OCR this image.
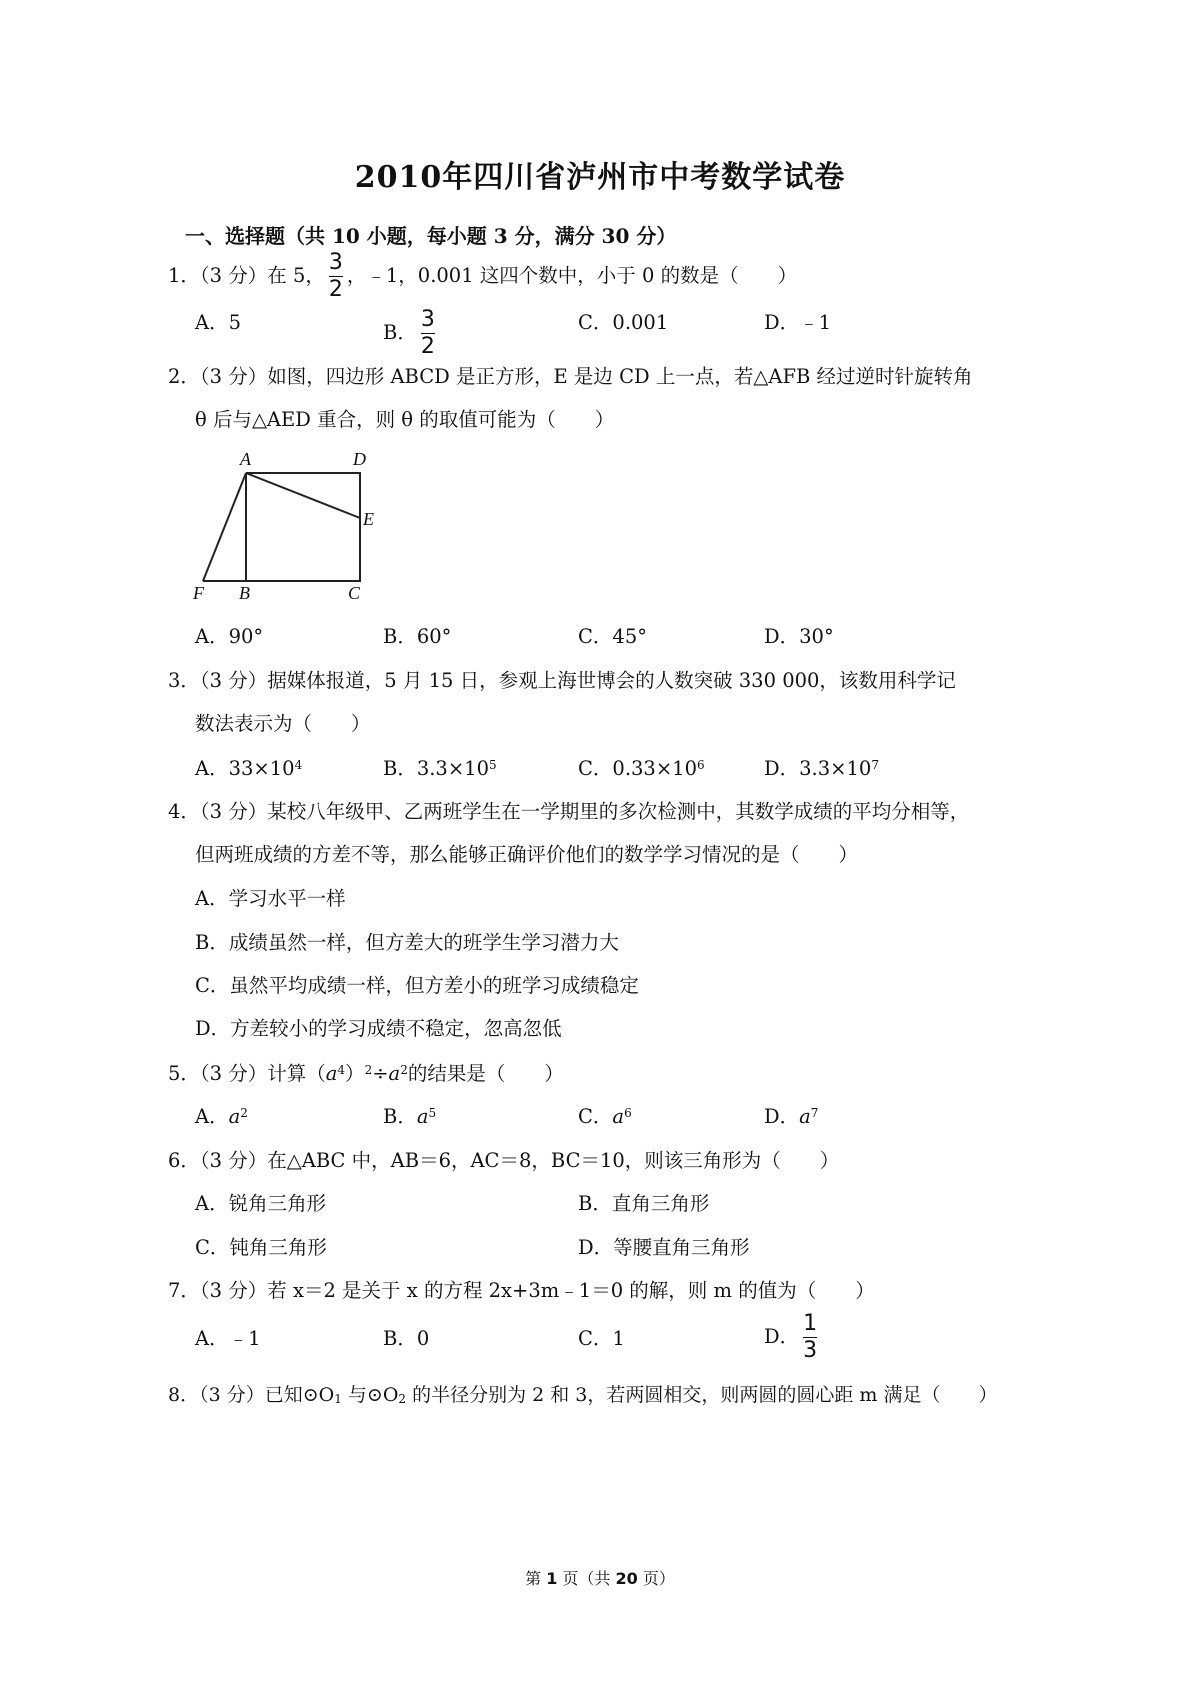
2010年四川省泸州市中考数学试卷
一、选择题（共 10 小题，每小题 3 分，满分 30 分）
1．（3 分）在 5， $\frac{3}{2}$ ，﹣1，0.001 这四个数中，小于 0 的数是（　　）
A．5	B． $\frac{3}{2}$	C．0.001	D．﹣1
2．（3 分）如图，四边形 ABCD 是正方形，E 是边 CD 上一点，若△AFB 经过逆时针旋转角
θ 后与△AED 重合，则 θ 的取值可能为（　　）
A	D
E
F B	C
A．90°	B．60°	C．45°	D．30°
3．（3 分）据媒体报道，5 月 15 日，参观上海世博会的人数突破 330 000，该数用科学记
数法表示为（　　）
A．$33\times 10^4$	B．$3.3\times 10^5$	C．$0.33\times 10^6$	D．$3.3\times 10^7$
4．（3 分）某校八年级甲、乙两班学生在一学期里的多次检测中，其数学成绩的平均分相等，
但两班成绩的方差不等，那么能够正确评价他们的数学学习情况的是（　　）
A．学习水平一样
B．成绩虽然一样，但方差大的班学生学习潜力大
C．虽然平均成绩一样，但方差小的班学习成绩稳定
D．方差较小的学习成绩不稳定，忽高忽低
5．（3 分）计算$(a^4)^2\div a^2$的结果是（　　）
A．$a^2$	B．$a^5$	C．$a^6$	D．$a^7$
6．（3 分）在△ABC 中，AB＝6，AC＝8，BC＝10，则该三角形为（　　）
A．锐角三角形	B．直角三角形
C．钝角三角形	D．等腰直角三角形
7．（3 分）若 x＝2 是关于 x 的方程 2x+3m﹣1＝0 的解，则 m 的值为（　　）
A．﹣1	B．0	C．1	D． $\frac{1}{3}$
8．（3 分）已知$⊙O_1$ 与$⊙O_2$ 的半径分别为 2 和 3，若两圆相交，则两圆的圆心距 m 满足（　　）
第 1 页（共 20 页）
